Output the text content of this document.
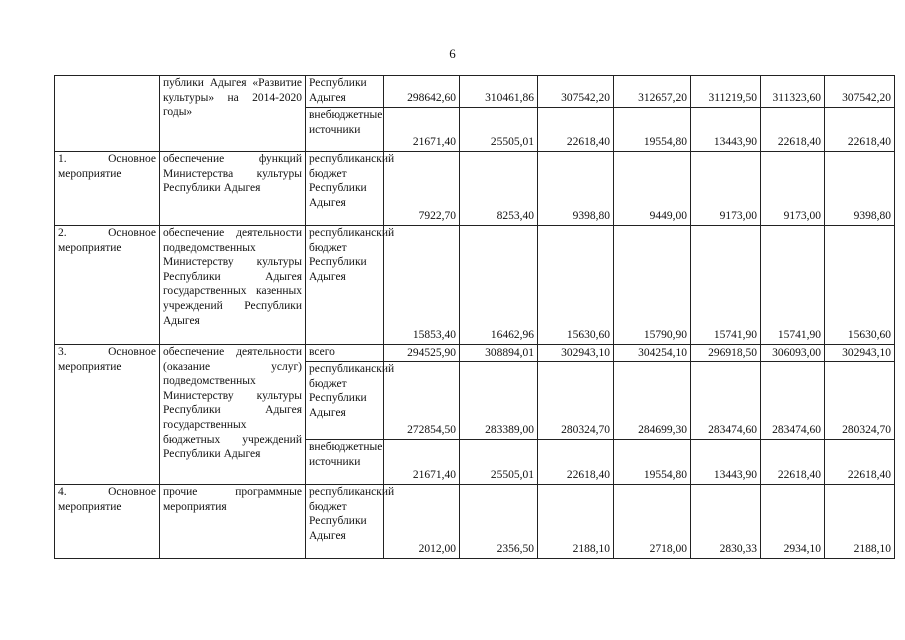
6
	публики Адыгея «Развитие культуры» на 2014-2020 годы»	Республики Адыгея	298642,60	310461,86	307542,20	312657,20	311219,50	311323,60	307542,20
		внебюджетные источники	21671,40	25505,01	22618,40	19554,80	13443,90	22618,40	22618,40
1. Основное мероприятие	обеспечение функций Министерства культуры Республики Адыгея	республиканский бюджет Республики Адыгея	7922,70	8253,40	9398,80	9449,00	9173,00	9173,00	9398,80
2. Основное мероприятие	обеспечение деятельности подведомственных Министерству культуры Республики Адыгея государственных казенных учреждений Республики Адыгея	республиканский бюджет Республики Адыгея	15853,40	16462,96	15630,60	15790,90	15741,90	15741,90	15630,60
3. Основное мероприятие	обеспечение деятельности (оказание услуг) подведомственных Министерству культуры Республики Адыгея государственных бюджетных учреждений Республики Адыгея	всего	294525,90	308894,01	302943,10	304254,10	296918,50	306093,00	302943,10
		республиканский бюджет Республики Адыгея	272854,50	283389,00	280324,70	284699,30	283474,60	283474,60	280324,70
		внебюджетные источники	21671,40	25505,01	22618,40	19554,80	13443,90	22618,40	22618,40
4. Основное мероприятие	прочие программные мероприятия	республиканский бюджет Республики Адыгея	2012,00	2356,50	2188,10	2718,00	2830,33	2934,10	2188,10
